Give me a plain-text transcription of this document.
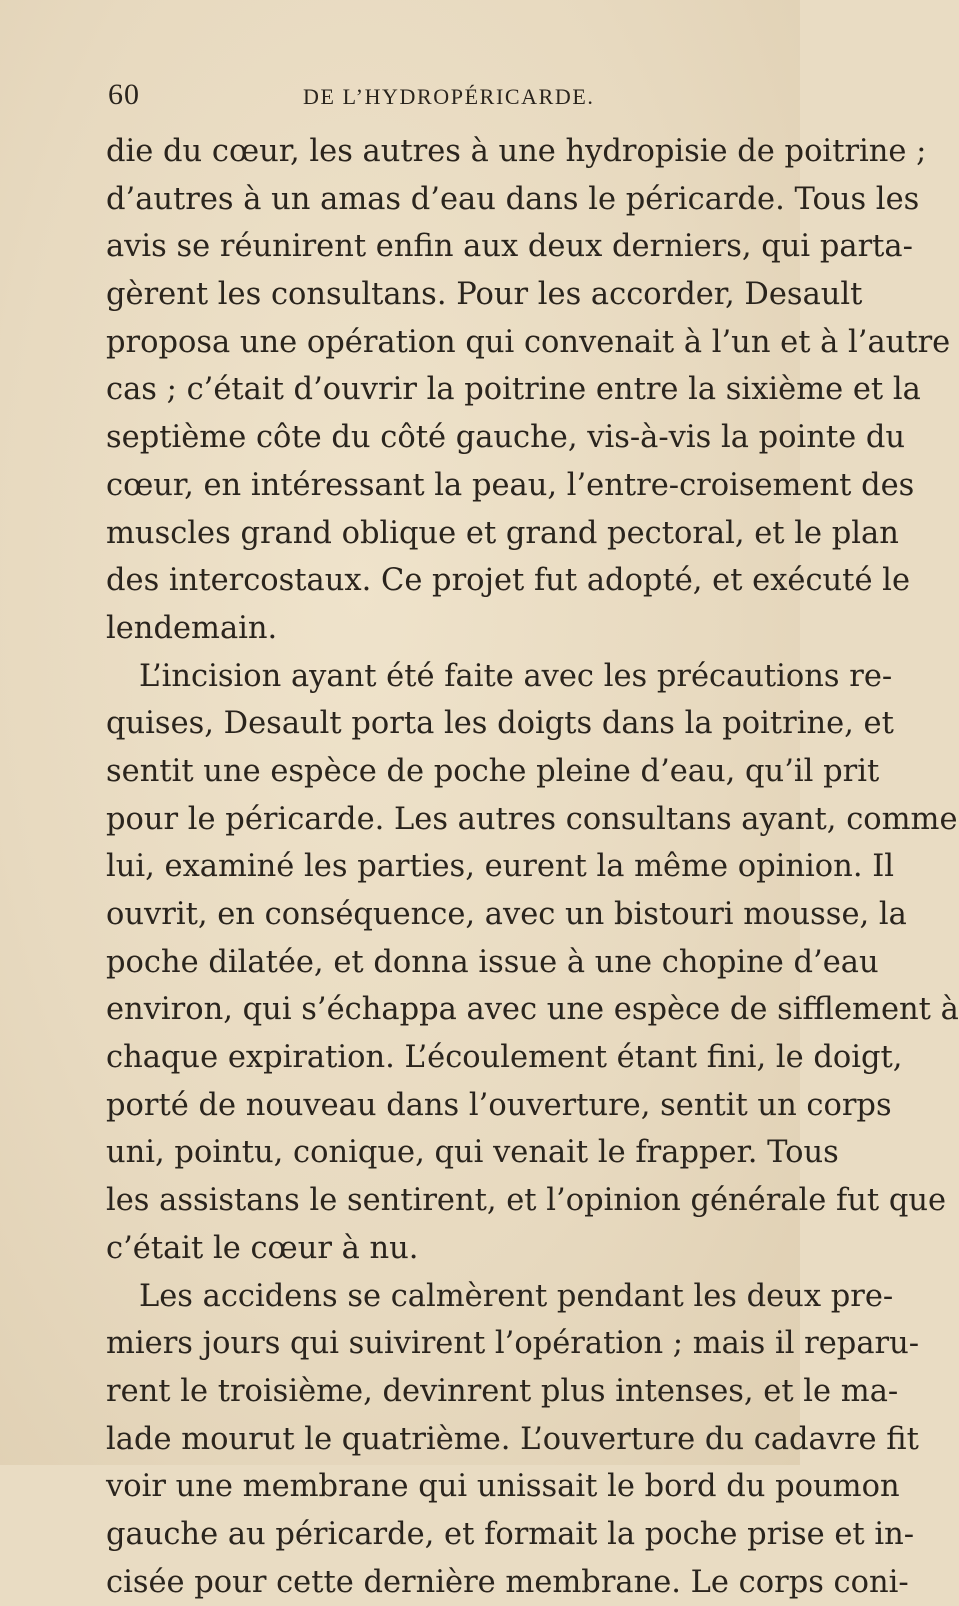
60	DE L’HYDROPÉRICARDE.
die du cœur, les autres à une hydropisie de poitrine ;
d’autres à un amas d’eau dans le péricarde. Tous les
avis se réunirent enfin aux deux derniers, qui parta-
gèrent les consultans. Pour les accorder, Desault
proposa une opération qui convenait à l’un et à l’autre
cas ; c’était d’ouvrir la poitrine entre la sixième et la
septième côte du côté gauche, vis-à-vis la pointe du
cœur, en intéressant la peau, l’entre-croisement des
muscles grand oblique et grand pectoral, et le plan
des intercostaux. Ce projet fut adopté, et exécuté le
lendemain.
L’incision ayant été faite avec les précautions re-
quises, Desault porta les doigts dans la poitrine, et
sentit une espèce de poche pleine d’eau, qu’il prit
pour le péricarde. Les autres consultans ayant, comme
lui, examiné les parties, eurent la même opinion. Il
ouvrit, en conséquence, avec un bistouri mousse, la
poche dilatée, et donna issue à une chopine d’eau
environ, qui s’échappa avec une espèce de sifflement à
chaque expiration. L’écoulement étant fini, le doigt,
porté de nouveau dans l’ouverture, sentit un corps
uni, pointu, conique, qui venait le frapper. Tous
les assistans le sentirent, et l’opinion générale fut que
c’était le cœur à nu.
Les accidens se calmèrent pendant les deux pre-
miers jours qui suivirent l’opération ; mais il reparu-
rent le troisième, devinrent plus intenses, et le ma-
lade mourut le quatrième. L’ouverture du cadavre fit
voir une membrane qui unissait le bord du poumon
gauche au péricarde, et formait la poche prise et in-
cisée pour cette dernière membrane. Le corps coni-
